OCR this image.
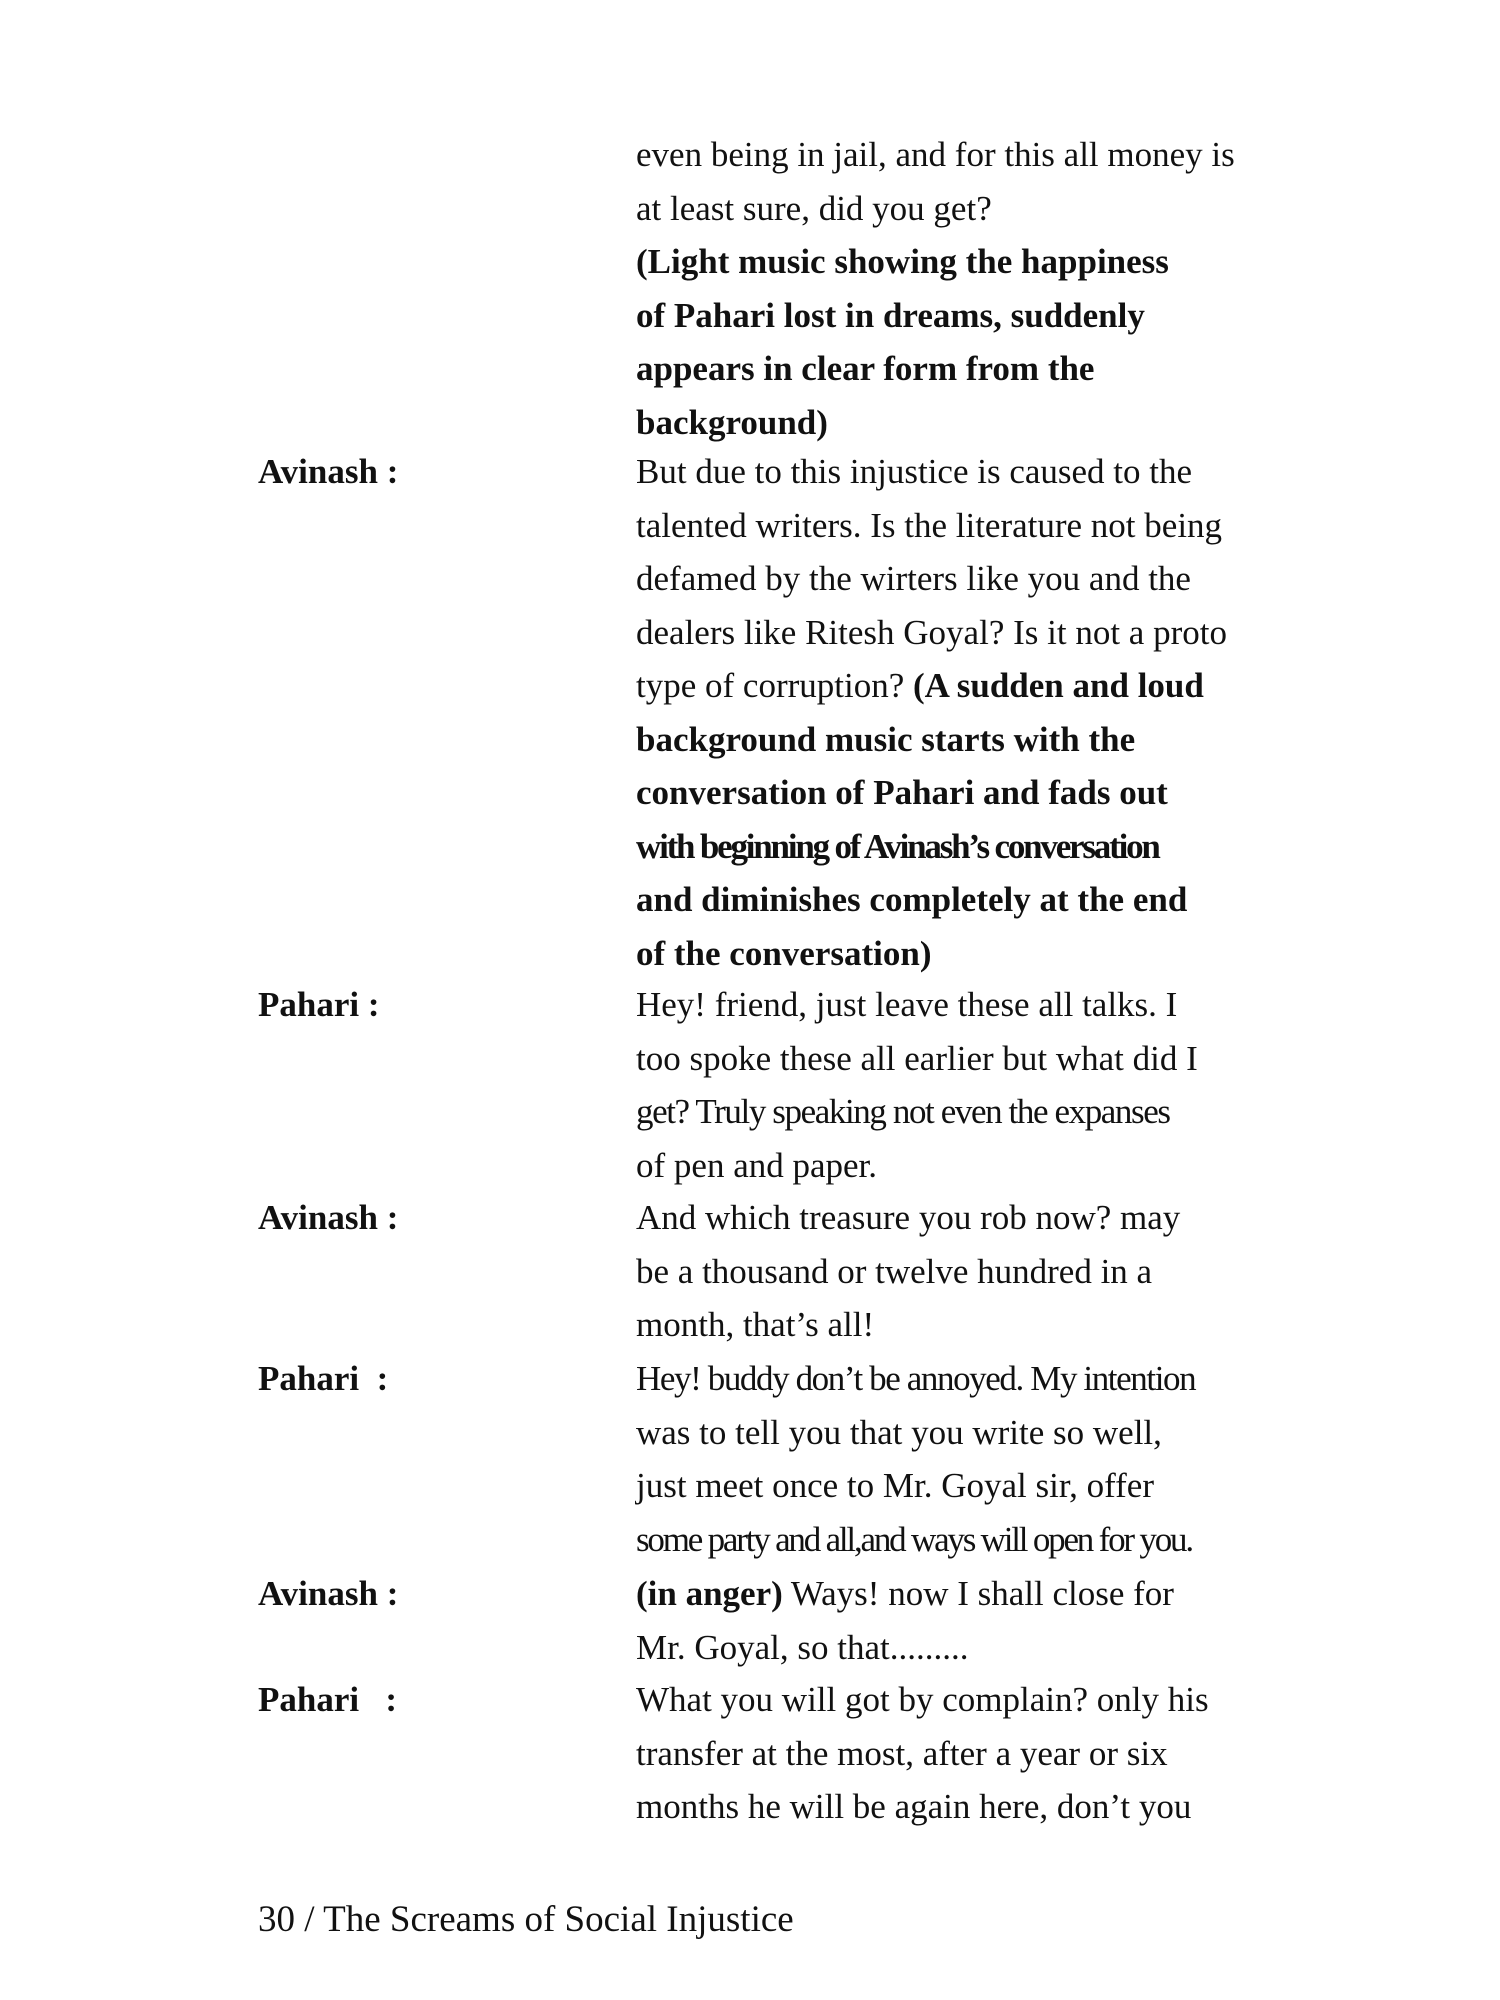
even being in jail, and for this all money is
at least sure, did you get?
(Light music showing the happiness
of Pahari lost in dreams, suddenly
appears in clear form from the
background)
Avinash :	But due to this injustice is caused to the
talented writers. Is the literature not being
defamed by the wirters like you and the
dealers like Ritesh Goyal? Is it not a proto
type of corruption? (A sudden and loud
background music starts with the
conversation of Pahari and fads out
with beginning of Avinash’s conversation
and diminishes completely at the end
of the conversation)
Pahari :	Hey! friend, just leave these all talks. I
too spoke these all earlier but what did I
get? Truly speaking not even the expanses
of pen and paper.
Avinash :	And which treasure you rob now? may
be a thousand or twelve hundred in a
month, that’s all!
Pahari  :	Hey! buddy don’t be annoyed. My intention
was to tell you that you write so well,
just meet once to Mr. Goyal sir, offer
some party and all,and ways will open for you.
Avinash :	(in anger) Ways! now I shall close for
Mr. Goyal, so that.........
Pahari   :	What you will got by complain? only his
transfer at the most, after a year or six
months he will be again here, don’t you
30 / The Screams of Social Injustice
